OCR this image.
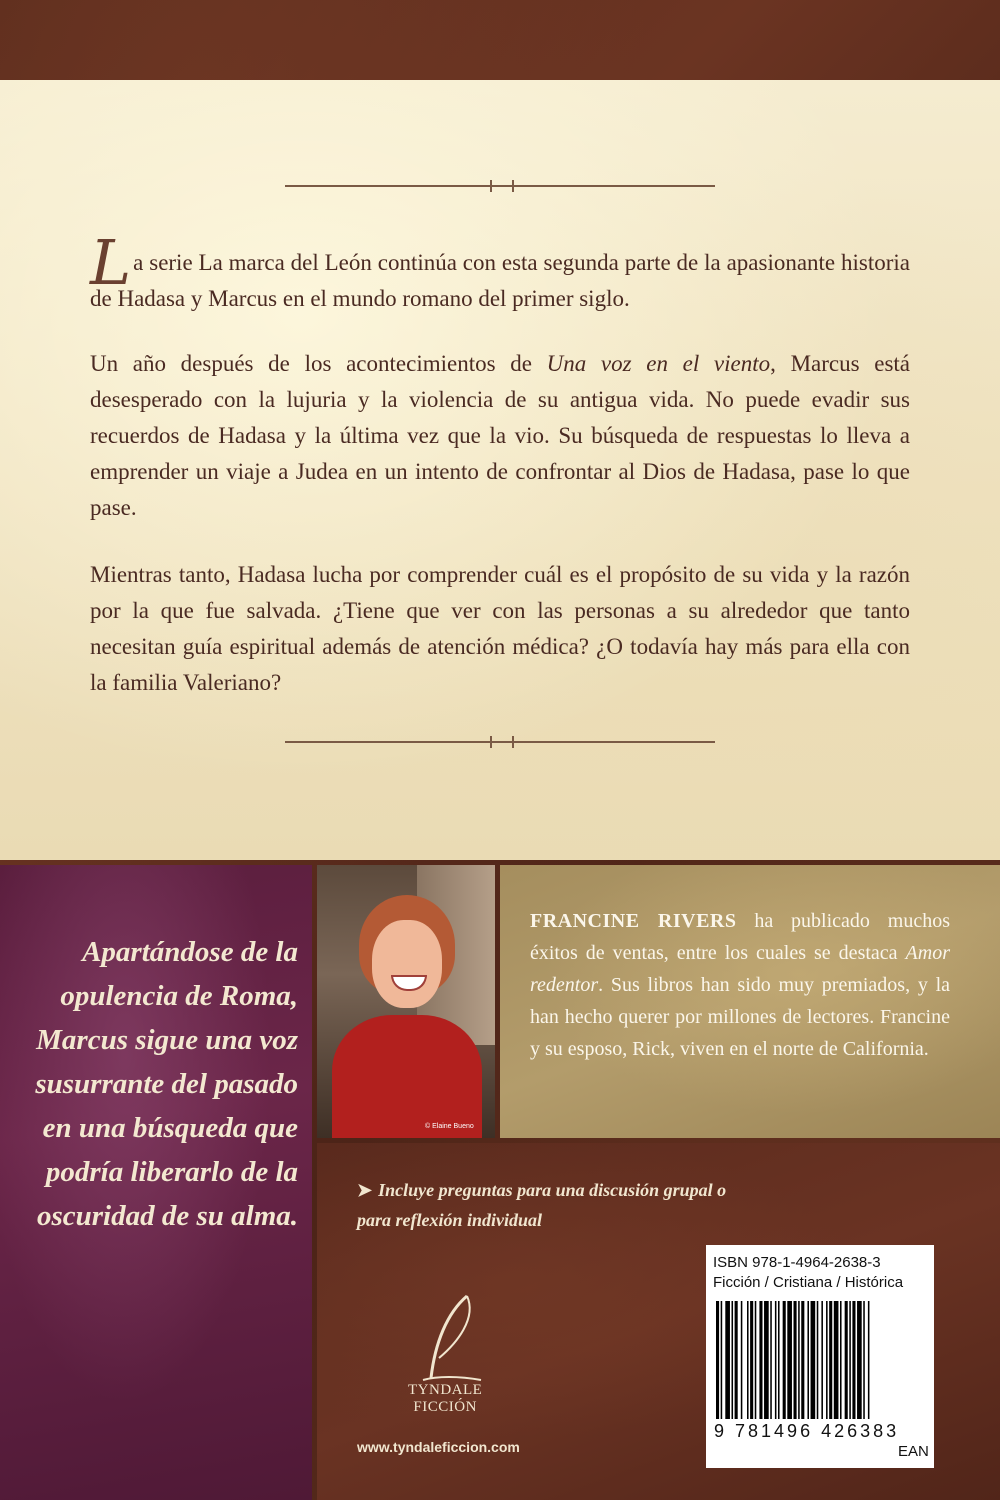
La serie La marca del León continúa con esta segunda parte de la apasionante historia de Hadasa y Marcus en el mundo romano del primer siglo.
Un año después de los acontecimientos de Una voz en el viento, Marcus está desesperado con la lujuria y la violencia de su antigua vida. No puede evadir sus recuerdos de Hadasa y la última vez que la vio. Su búsqueda de respuestas lo lleva a emprender un viaje a Judea en un intento de confrontar al Dios de Hadasa, pase lo que pase.
Mientras tanto, Hadasa lucha por comprender cuál es el propósito de su vida y la razón por la que fue salvada. ¿Tiene que ver con las personas a su alrededor que tanto necesitan guía espiritual además de atención médica? ¿O todavía hay más para ella con la familia Valeriano?
Apartándose de la opulencia de Roma, Marcus sigue una voz susurrante del pasado en una búsqueda que podría liberarlo de la oscuridad de su alma.
© Elaine Bueno
FRANCINE RIVERS ha publicado muchos éxitos de ventas, entre los cuales se destaca Amor redentor. Sus libros han sido muy premiados, y la han hecho querer por millones de lectores. Francine y su esposo, Rick, viven en el norte de California.
➤ Incluye preguntas para una discusión grupal o para reflexión individual
ISBN 978-1-4964-2638-3
Ficción / Cristiana / Histórica
9 781496 426383
EAN
TYNDALE
FICCIÓN
www.tyndaleficcion.com
